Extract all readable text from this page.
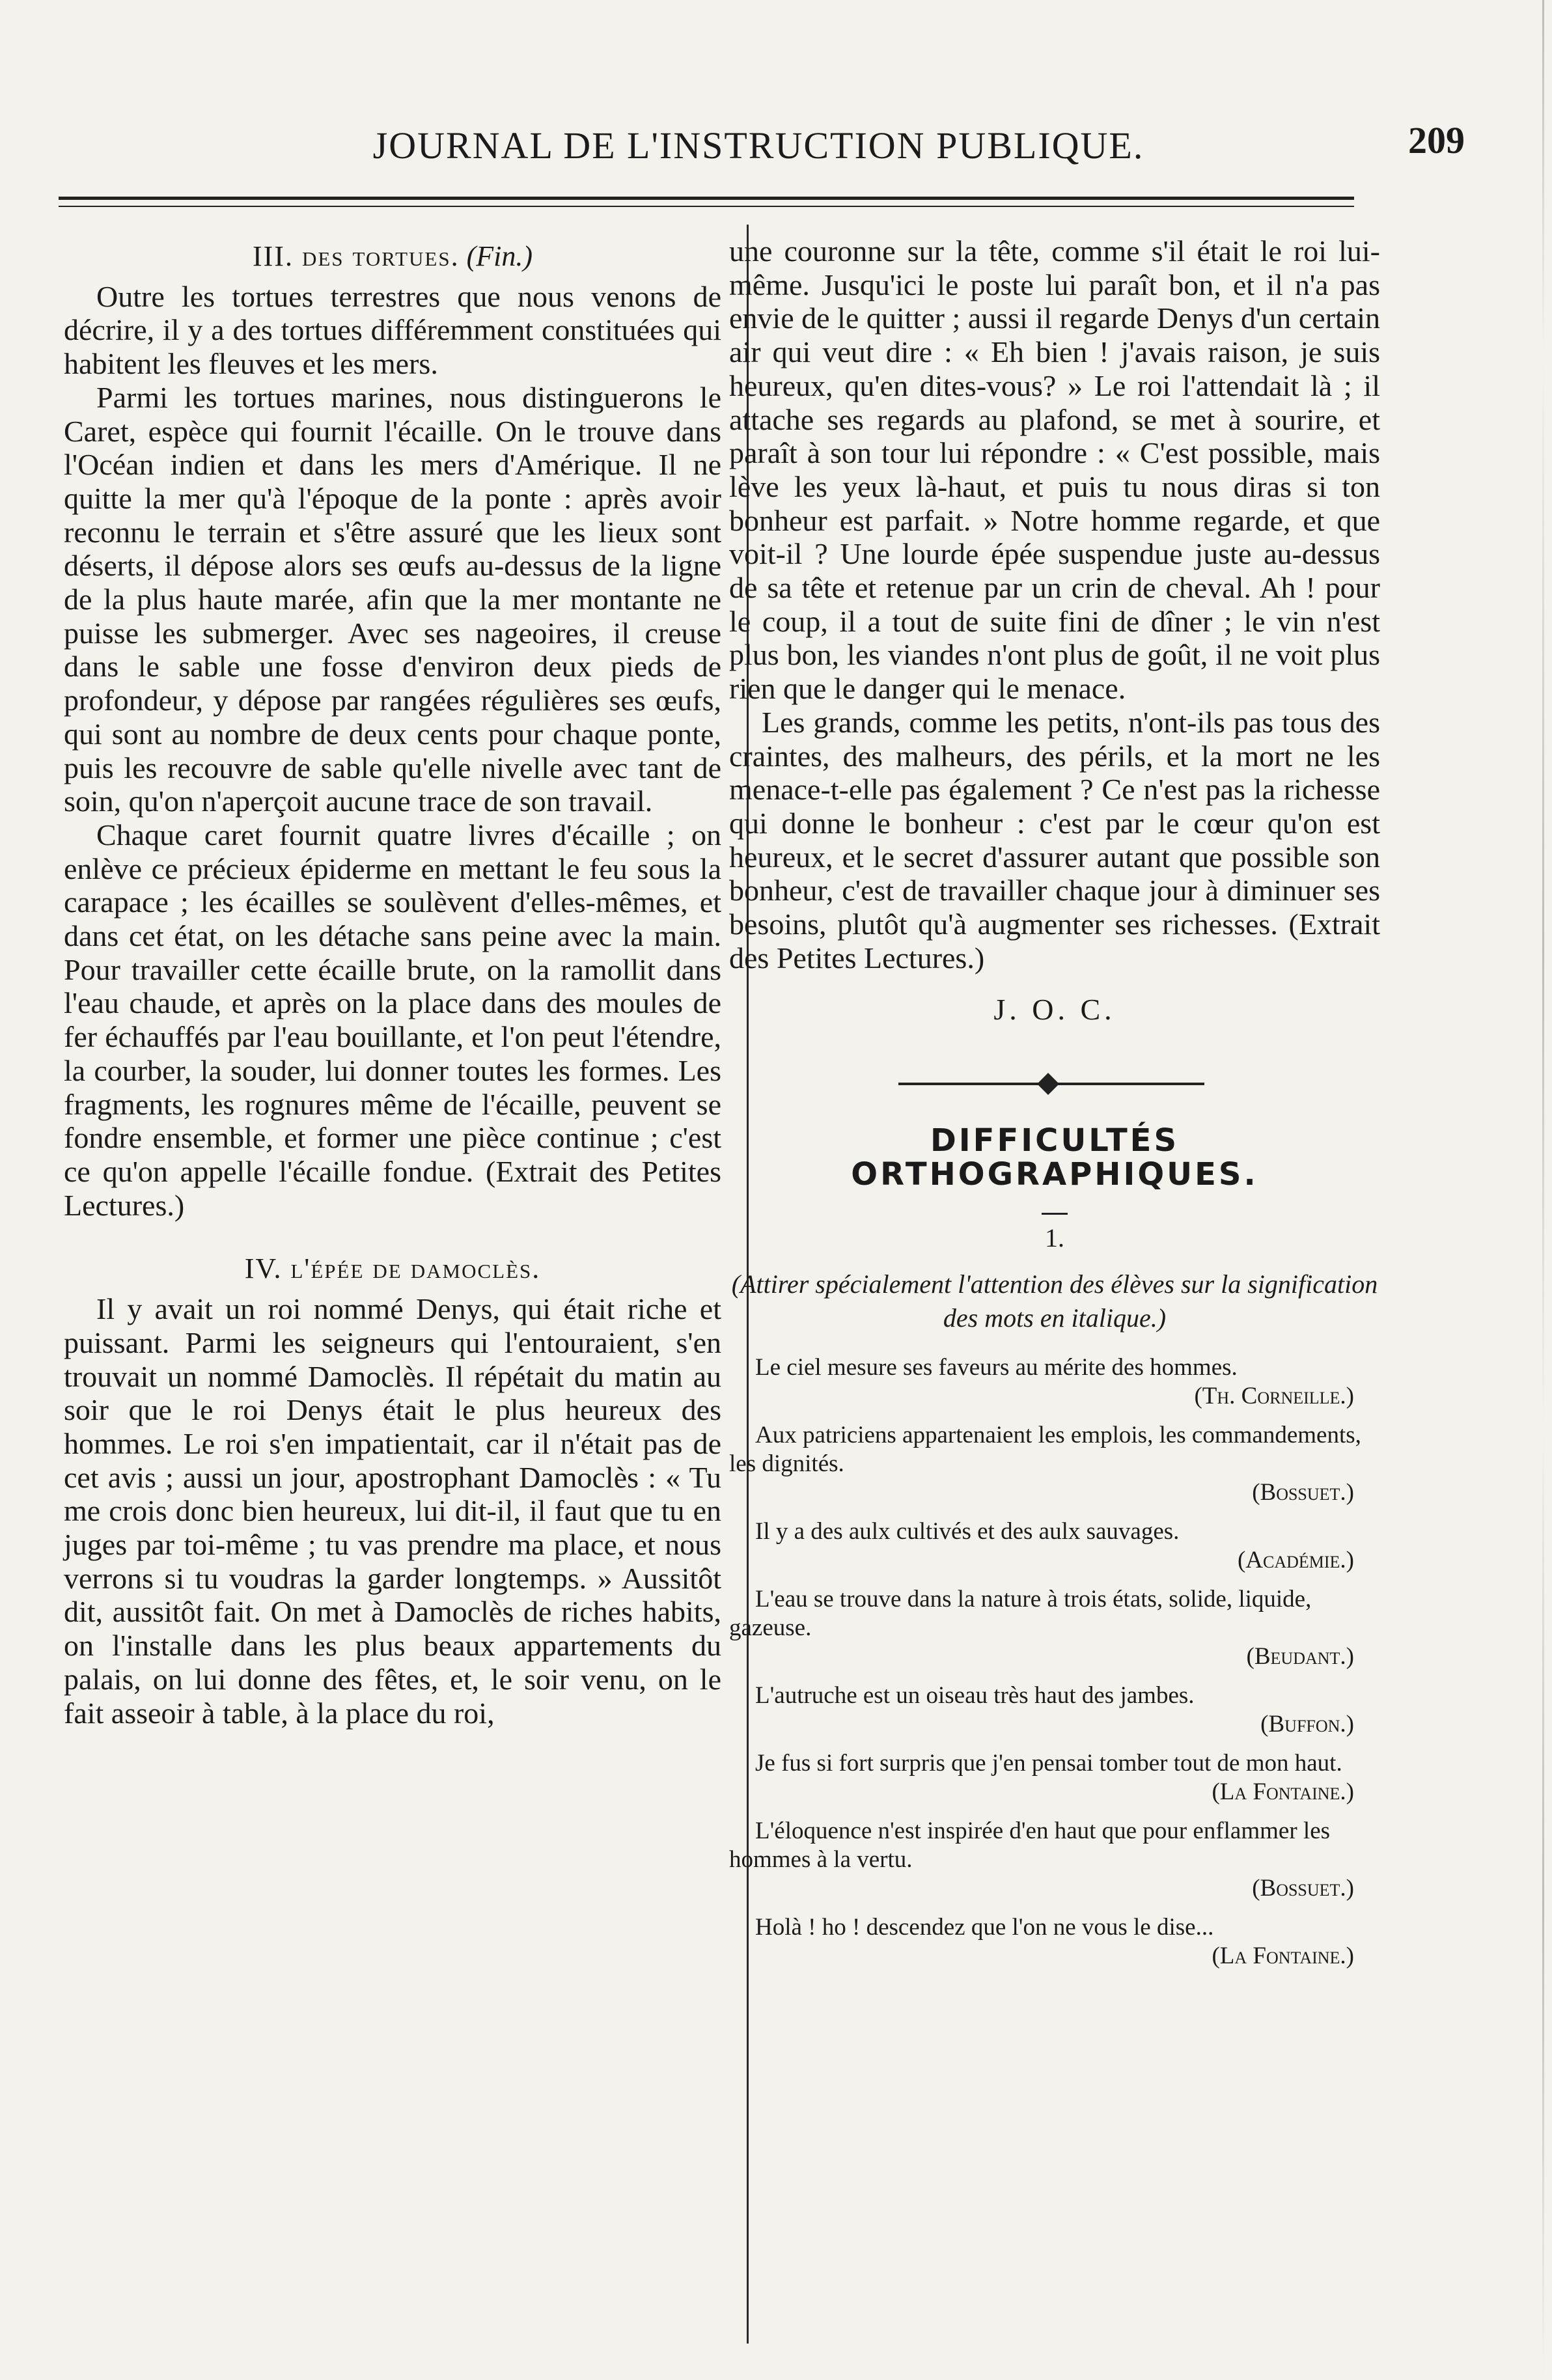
JOURNAL DE L'INSTRUCTION PUBLIQUE.	209
III. des tortues. (Fin.)

Outre les tortues terrestres que nous venons de décrire, il y a des tortues différemment constituées qui habitent les fleuves et les mers.

Parmi les tortues marines, nous distinguerons le Caret, espèce qui fournit l'écaille. On le trouve dans l'Océan indien et dans les mers d'Amérique. Il ne quitte la mer qu'à l'époque de la ponte : après avoir reconnu le terrain et s'être assuré que les lieux sont déserts, il dépose alors ses œufs au-dessus de la ligne de la plus haute marée, afin que la mer montante ne puisse les submerger. Avec ses nageoires, il creuse dans le sable une fosse d'environ deux pieds de profondeur, y dépose par rangées régulières ses œufs, qui sont au nombre de deux cents pour chaque ponte, puis les recouvre de sable qu'elle nivelle avec tant de soin, qu'on n'aperçoit aucune trace de son travail.

Chaque caret fournit quatre livres d'écaille ; on enlève ce précieux épiderme en mettant le feu sous la carapace ; les écailles se soulèvent d'elles-mêmes, et dans cet état, on les détache sans peine avec la main. Pour travailler cette écaille brute, on la ramollit dans l'eau chaude, et après on la place dans des moules de fer échauffés par l'eau bouillante, et l'on peut l'étendre, la courber, la souder, lui donner toutes les formes. Les fragments, les rognures même de l'écaille, peuvent se fondre ensemble, et former une pièce continue ; c'est ce qu'on appelle l'écaille fondue. (Extrait des Petites Lectures.)

IV. l'épée de damoclès.

Il y avait un roi nommé Denys, qui était riche et puissant. Parmi les seigneurs qui l'entouraient, s'en trouvait un nommé Damoclès. Il répétait du matin au soir que le roi Denys était le plus heureux des hommes. Le roi s'en impatientait, car il n'était pas de cet avis ; aussi un jour, apostrophant Damoclès : « Tu me crois donc bien heureux, lui dit-il, il faut que tu en juges par toi-même ; tu vas prendre ma place, et nous verrons si tu voudras la garder longtemps. » Aussitôt dit, aussitôt fait. On met à Damoclès de riches habits, on l'installe dans les plus beaux appartements du palais, on lui donne des fêtes, et, le soir venu, on le fait asseoir à table, à la place du roi,

une couronne sur la tête, comme s'il était le roi lui-même. Jusqu'ici le poste lui paraît bon, et il n'a pas envie de le quitter ; aussi il regarde Denys d'un certain air qui veut dire : « Eh bien ! j'avais raison, je suis heureux, qu'en dites-vous? » Le roi l'attendait là ; il attache ses regards au plafond, se met à sourire, et paraît à son tour lui répondre : « C'est possible, mais lève les yeux là-haut, et puis tu nous diras si ton bonheur est parfait. » Notre homme regarde, et que voit-il ? Une lourde épée suspendue juste au-dessus de sa tête et retenue par un crin de cheval. Ah ! pour le coup, il a tout de suite fini de dîner ; le vin n'est plus bon, les viandes n'ont plus de goût, il ne voit plus rien que le danger qui le menace.

Les grands, comme les petits, n'ont-ils pas tous des craintes, des malheurs, des périls, et la mort ne les menace-t-elle pas également ? Ce n'est pas la richesse qui donne le bonheur : c'est par le cœur qu'on est heureux, et le secret d'assurer autant que possible son bonheur, c'est de travailler chaque jour à diminuer ses besoins, plutôt qu'à augmenter ses richesses. (Extrait des Petites Lectures.)

J. O. C.
DIFFICULTÉS ORTHOGRAPHIQUES.
1.
(Attirer spécialement l'attention des élèves sur la signification des mots en italique.)
Le ciel mesure ses faveurs au mérite des hommes.
(Th. Corneille.)
Aux patriciens appartenaient les emplois, les commandements, les dignités.
(Bossuet.)
Il y a des aulx cultivés et des aulx sauvages.
(Académie.)
L'eau se trouve dans la nature à trois états, solide, liquide, gazeuse.
(Beudant.)
L'autruche est un oiseau très haut des jambes.
(Buffon.)
Je fus si fort surpris que j'en pensai tomber tout de mon haut.
(La Fontaine.)
L'éloquence n'est inspirée d'en haut que pour enflammer les hommes à la vertu.
(Bossuet.)
Holà ! ho ! descendez que l'on ne vous le dise...
(La Fontaine.)
